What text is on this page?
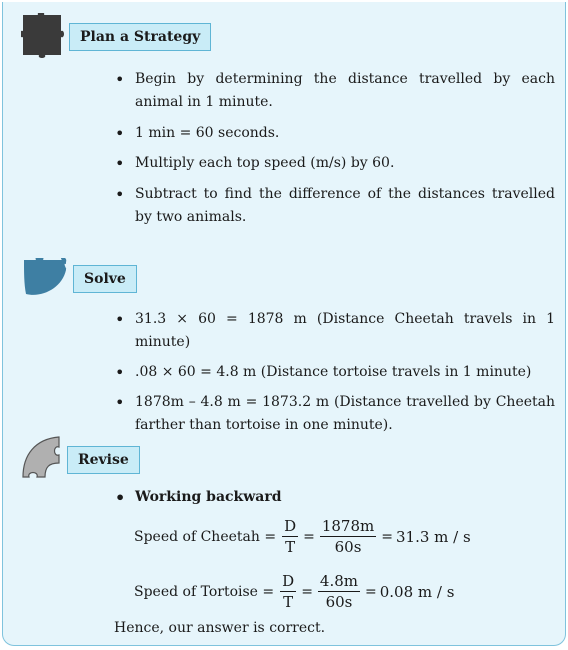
Plan a Strategy
• Begin by determining the distance travelled by each animal in 1 minute.
• 1 min = 60 seconds.
• Multiply each top speed (m/s) by 60.
• Subtract to find the difference of the distances travelled by two animals.
Solve
• 31.3 × 60 = 1878 m (Distance Cheetah travels in 1 minute)
• .08 × 60 = 4.8 m (Distance tortoise travels in 1 minute)
• 1878m – 4.8 m = 1873.2 m (Distance travelled by Cheetah farther than tortoise in one minute).
Revise
• Working backward
Speed of Cheetah = $\frac{D}{T} = \frac{1878m}{60s} = 31.3$ m / s
Speed of Tortoise = $\frac{D}{T} = \frac{4.8m}{60s} = 0.08$ m / s
Hence, our answer is correct.
